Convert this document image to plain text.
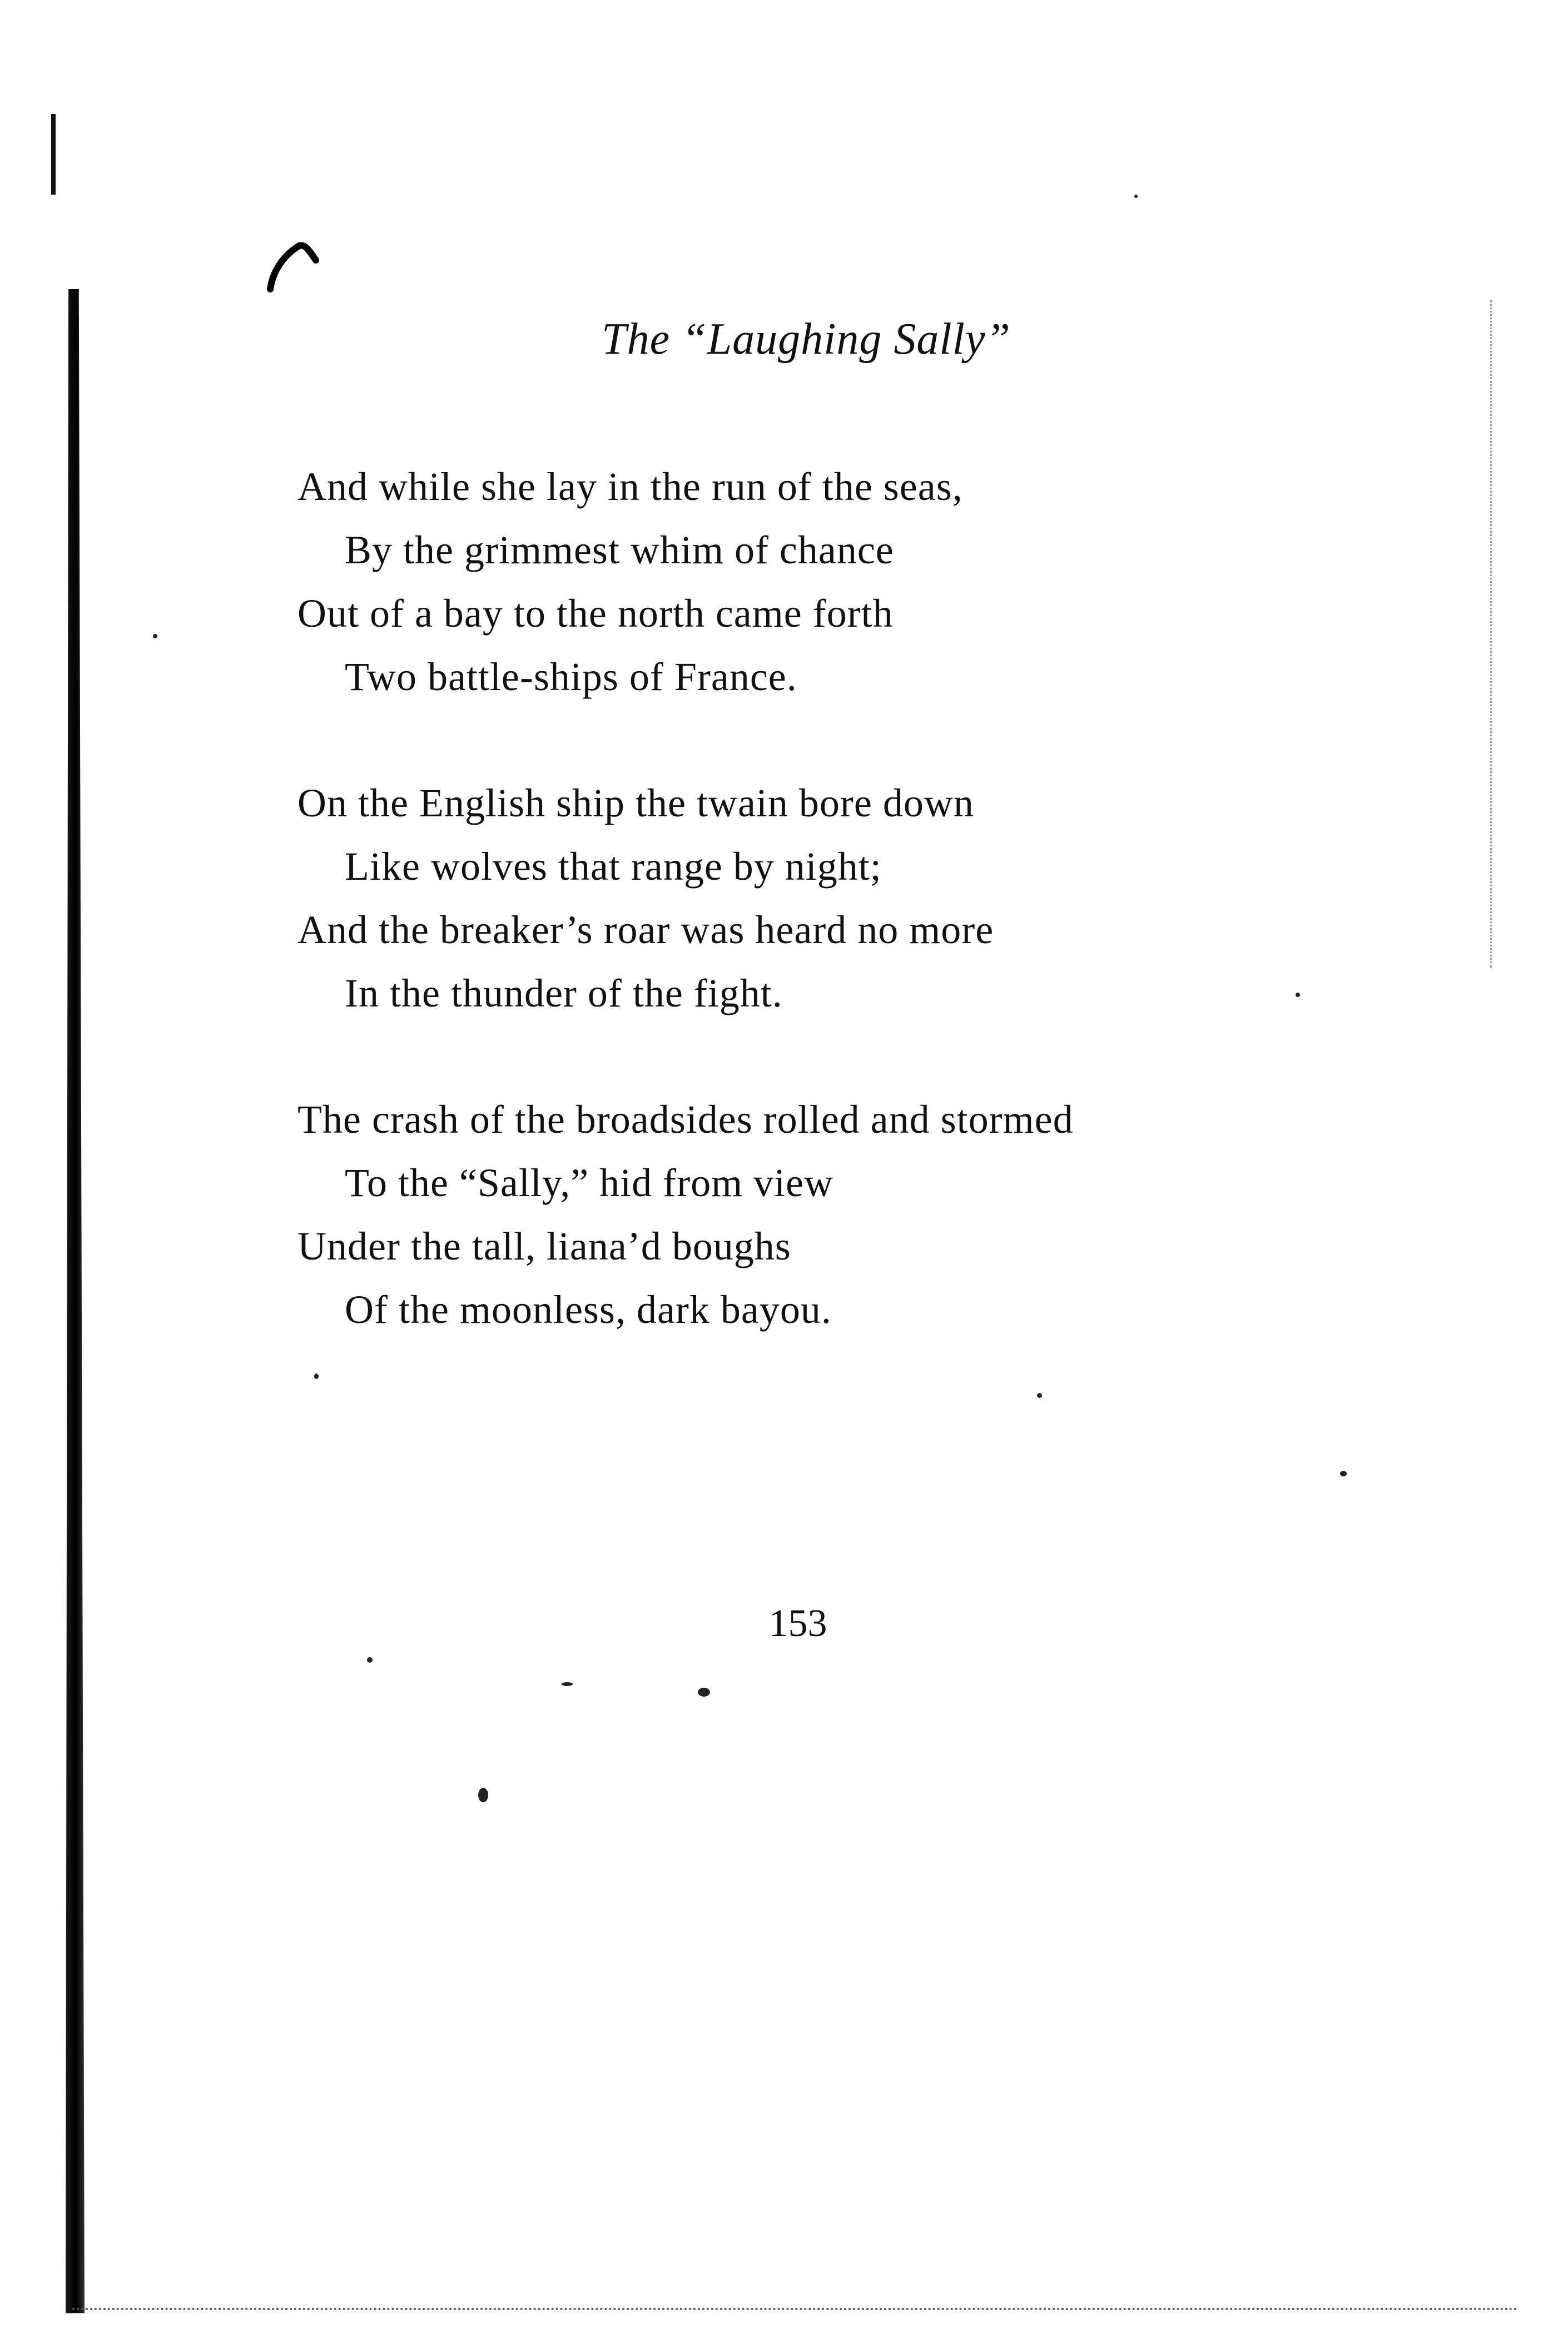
The “Laughing Sally”
And while she lay in the run of the seas,
By the grimmest whim of chance
Out of a bay to the north came forth
Two battle-ships of France.
On the English ship the twain bore down
Like wolves that range by night;
And the breaker’s roar was heard no more
In the thunder of the fight.
The crash of the broadsides rolled and stormed
To the “Sally,” hid from view
Under the tall, liana’d boughs
Of the moonless, dark bayou.
153
